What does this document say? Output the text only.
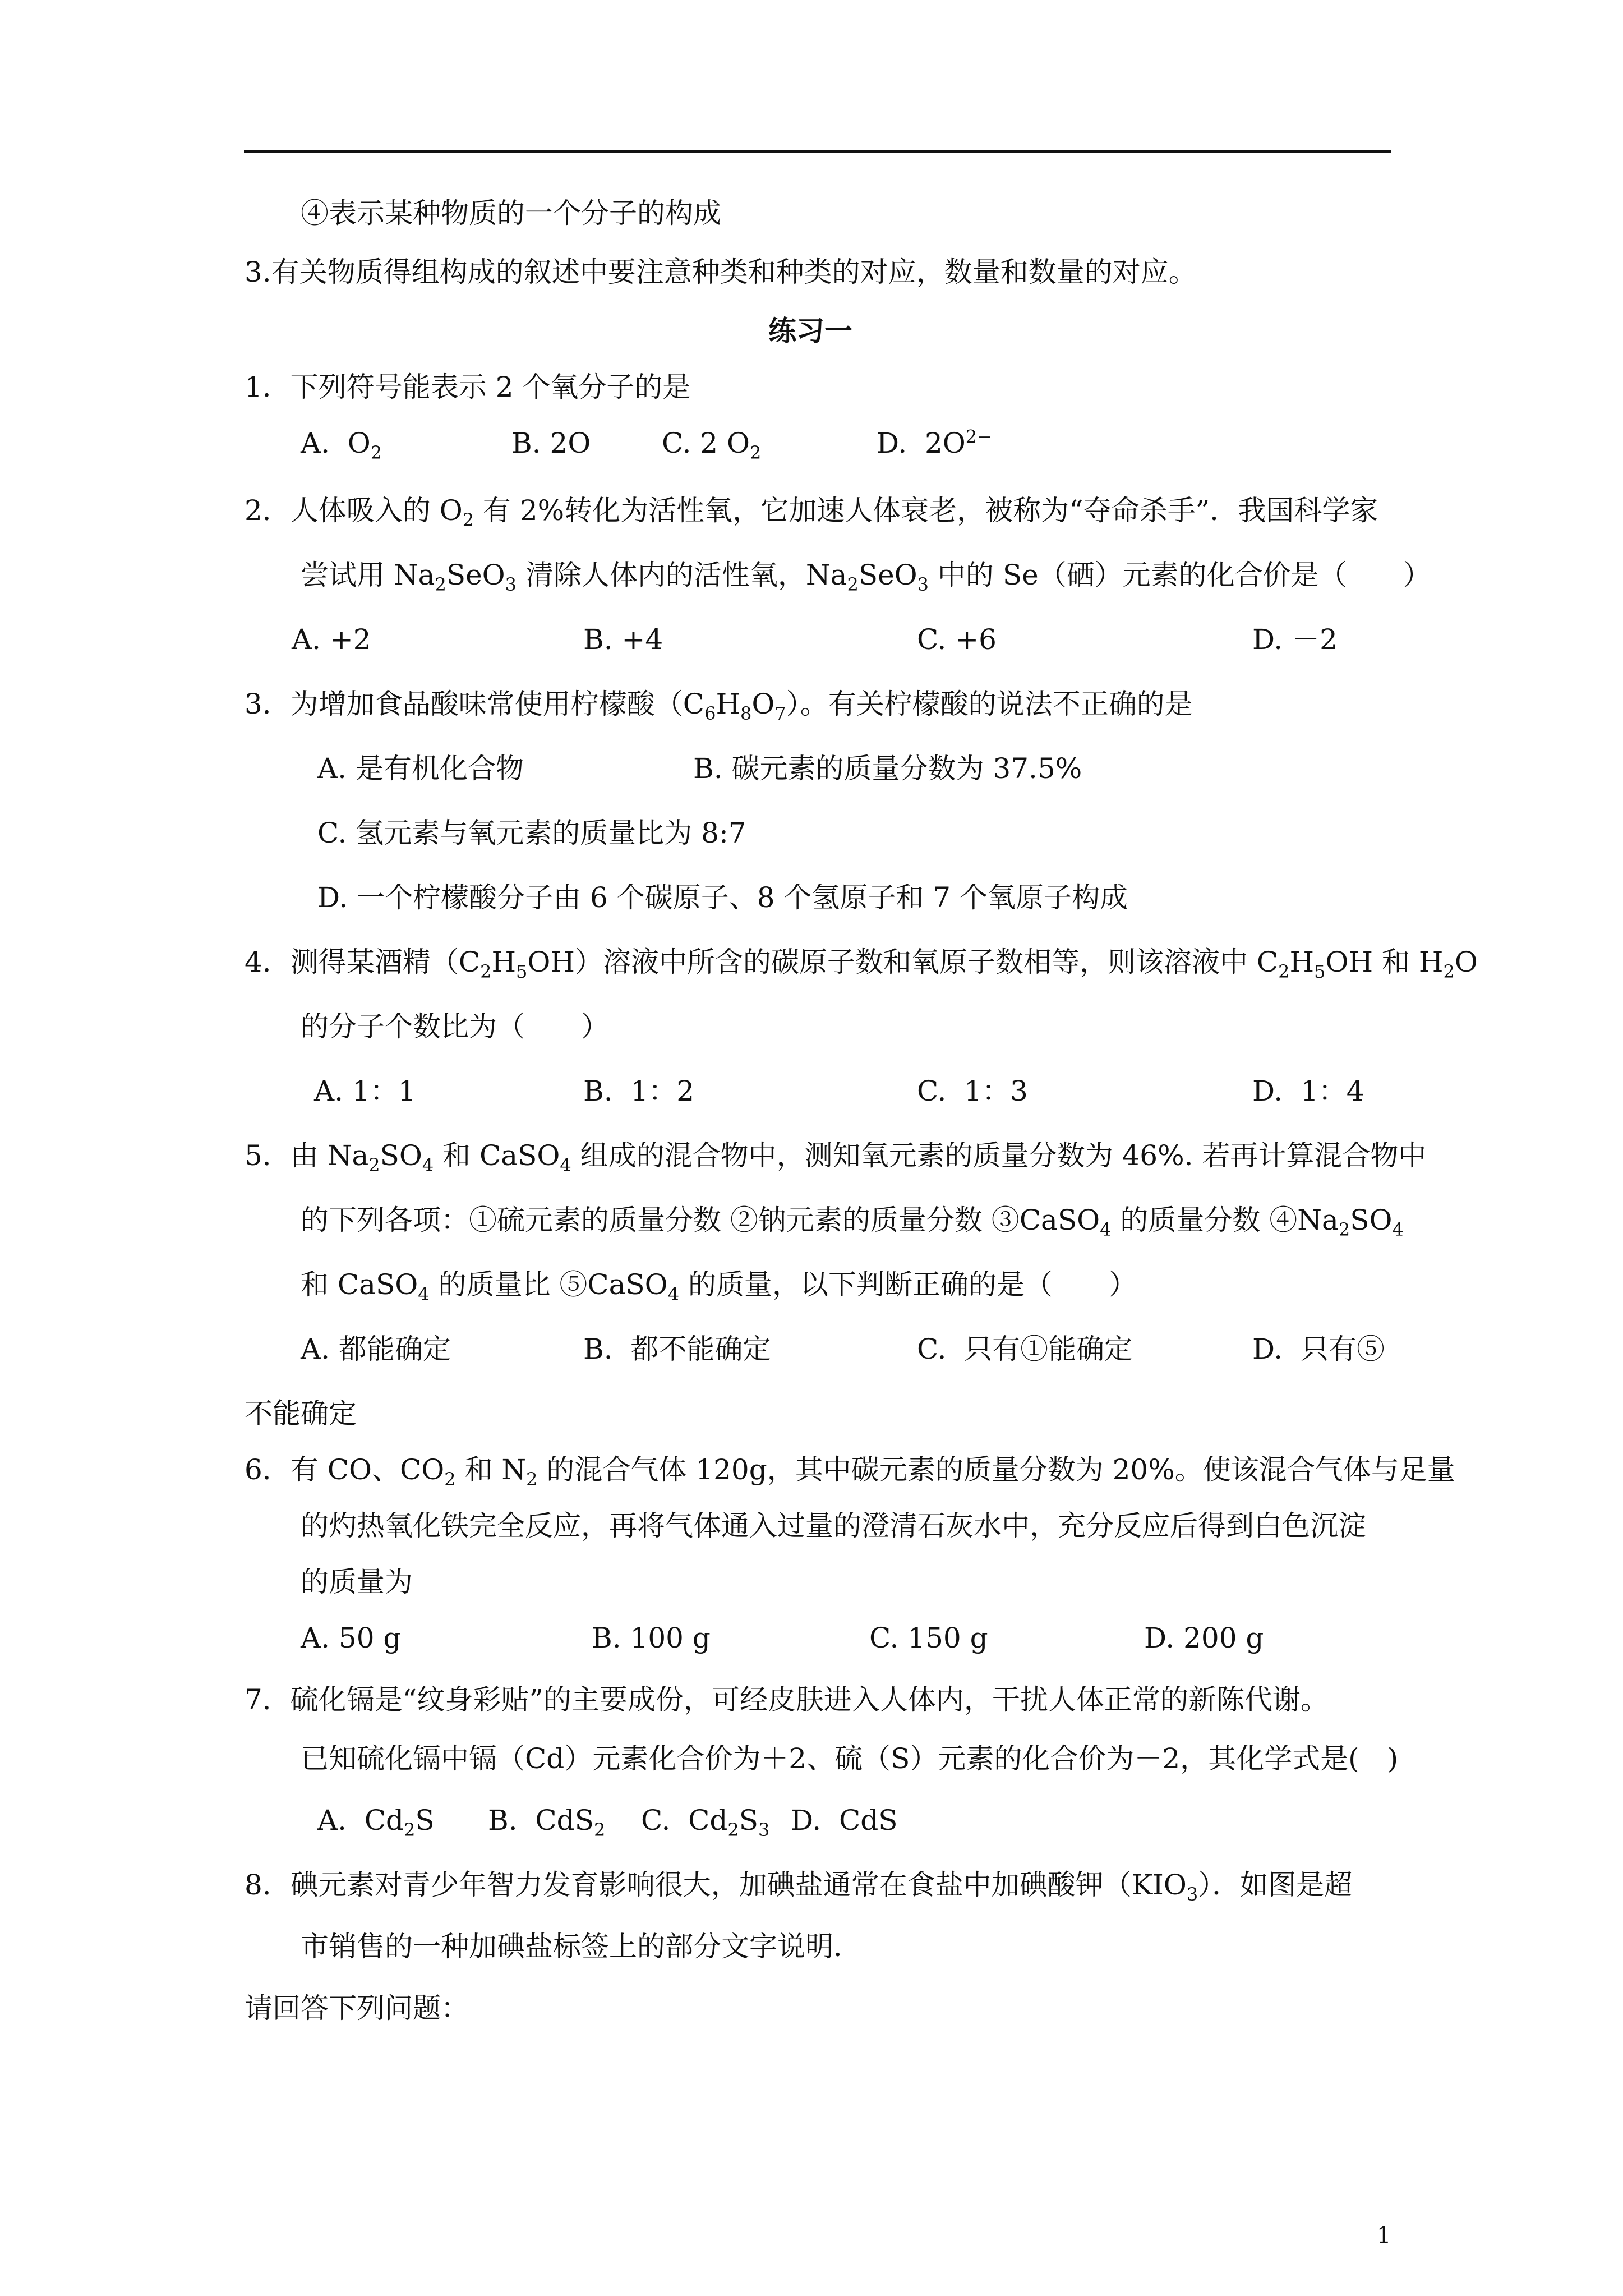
④表示某种物质的一个分子的构成
3.有关物质得组构成的叙述中要注意种类和种类的对应，数量和数量的对应。
练习一
1．下列符号能表示 2 个氧分子的是
A.  $O_2$	B. 2O	C. 2 $O_2$	D.  $2O^{2-}$
2．人体吸入的 $O_2$ 有 2%转化为活性氧，它加速人体衰老，被称为“夺命杀手”．我国科学家
尝试用 $Na_2SeO_3$ 清除人体内的活性氧，$Na_2SeO_3$ 中的 Se（硒）元素的化合价是（　　）
A. +2	B. +4	C. +6	D. －2
3．为增加食品酸味常使用柠檬酸$(C_6H_8O_7)$。有关柠檬酸的说法不正确的是
A. 是有机化合物	B. 碳元素的质量分数为 37.5%
C. 氢元素与氧元素的质量比为 8:7
D. 一个柠檬酸分子由 6 个碳原子、8 个氢原子和 7 个氧原子构成
4．测得某酒精$(C_2H_5OH)$溶液中所含的碳原子数和氧原子数相等，则该溶液中 $C_2H_5OH$ 和 $H_2O$
的分子个数比为（　　）
A. 1：1	B.  1：2	C.  1：3	D.  1：4
5．由 $Na_2SO_4$ 和 CaSO$_4$ 组成的混合物中，测知氧元素的质量分数为 46%. 若再计算混合物中
的下列各项：①硫元素的质量分数 ②钠元素的质量分数 ③CaSO$_4$ 的质量分数 $④Na_2SO_4$
和 CaSO$_4$ 的质量比 ⑤CaSO$_4$ 的质量，以下判断正确的是（　　）
A. 都能确定	B.  都不能确定	C.  只有①能确定	D.  只有⑤
不能确定
6．有 CO、$CO_2$ 和 $N_2$ 的混合气体 120g，其中碳元素的质量分数为 20%。使该混合气体与足量
的灼热氧化铁完全反应，再将气体通入过量的澄清石灰水中，充分反应后得到白色沉淀
的质量为
A. 50 g	B. 100 g	C. 150 g	D. 200 g
7．硫化镉是“纹身彩贴”的主要成份，可经皮肤进入人体内，干扰人体正常的新陈代谢。
已知硫化镉中镉（Cd）元素化合价为＋2、硫（S）元素的化合价为－2，其化学式是(　)
A.  $Cd_2S$ B.  CdS$_2$ C.  $Cd_2S_3$ D.  CdS
8．碘元素对青少年智力发育影响很大，加碘盐通常在食盐中加碘酸钾$(KIO_3)$．如图是超
市销售的一种加碘盐标签上的部分文字说明．
请回答下列问题：
1
